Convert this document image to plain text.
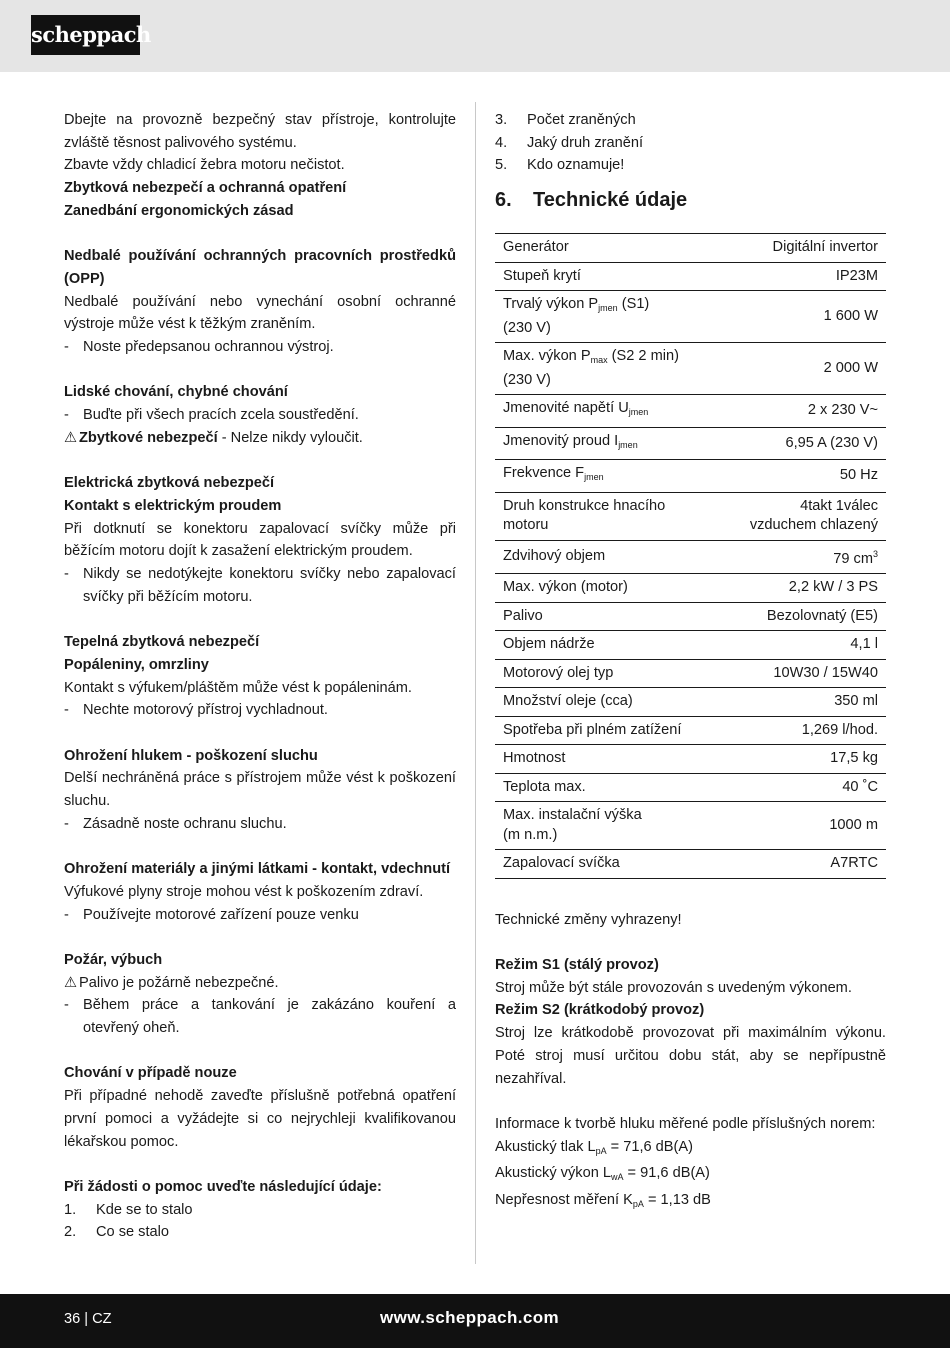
scheppach

Dbejte na provozně bezpečný stav přístroje, kontrolujte zvláště těsnost palivového systému.

Zbavte vždy chladicí žebra motoru nečistot.

Zbytková nebezpečí a ochranná opatření

Zanedbání ergonomických zásad

Nedbalé používání ochranných pracovních prostředků (OPP)

Nedbalé používání nebo vynechání osobní ochranné výstroje může vést k těžkým zraněním.

- Noste předepsanou ochrannou výstroj.

Lidské chování, chybné chování

- Buďte při všech pracích zcela soustředění.

⚠ Zbytkové nebezpečí - Nelze nikdy vyloučit.

Elektrická zbytková nebezpečí

Kontakt s elektrickým proudem

Při dotknutí se konektoru zapalovací svíčky může při běžícím motoru dojít k zasažení elektrickým proudem.

- Nikdy se nedotýkejte konektoru svíčky nebo zapalovací svíčky při běžícím motoru.

Tepelná zbytková nebezpečí

Popáleniny, omrzliny

Kontakt s výfukem/pláštěm může vést k popáleninám.

- Nechte motorový přístroj vychladnout.

Ohrožení hlukem - poškození sluchu

Delší nechráněná práce s přístrojem může vést k poškození sluchu.

- Zásadně noste ochranu sluchu.

Ohrožení materiály a jinými látkami - kontakt, vdechnutí

Výfukové plyny stroje mohou vést k poškozením zdraví.

- Používejte motorové zařízení pouze venku

Požár, výbuch

⚠ Palivo je požárně nebezpečné.

- Během práce a tankování je zakázáno kouření a otevřený oheň.

Chování v případě nouze

Při případné nehodě zaveďte příslušně potřebná opatření první pomoci a vyžádejte si co nejrychleji kvalifikovanou lékařskou pomoc.

Při žádosti o pomoc uveďte následující údaje:

1.	Kde se to stalo
2.	Co se stalo
3.	Počet zraněných
4.	Jaký druh zranění
5.	Kdo oznamuje!
6.	Technické údaje
Generátor	Digitální invertor
Stupeň krytí	IP23M
Trvalý výkon $P_{jmen}$ (S1)
(230 V)	1 600 W
Max. výkon $P_{max}$ (S2 2 min)
(230 V)	2 000 W
Jmenovité napětí $U_{jmen}$	2 x 230 V~
Jmenovitý proud $I_{jmen}$	6,95 A (230 V)
Frekvence $F_{jmen}$	50 Hz
Druh konstrukce hnacího
motoru	4takt 1válec
vzduchem chlazený
Zdvihový objem	79 $cm^3$
Max. výkon (motor)	2,2 kW / 3 PS
Palivo	Bezolovnatý (E5)
Objem nádrže	4,1 l
Motorový olej typ	10W30 / 15W40
Množství oleje (cca)	350 ml
Spotřeba při plném zatížení	1,269 l/hod.
Hmotnost	17,5 kg
Teplota max.	40 ˚C
Max. instalační výška
(m n.m.)	1000 m
Zapalovací svíčka	A7RTC

Technické změny vyhrazeny!

Režim S1 (stálý provoz)

Stroj může být stále provozován s uvedeným výkonem.

Režim S2 (krátkodobý provoz)

Stroj lze krátkodobě provozovat při maximálním výkonu. Poté stroj musí určitou dobu stát, aby se nepřípustně nezahříval.

Informace k tvorbě hluku měřené podle příslušných norem:

Akustický tlak $L_{pA} = 71,6$ dB(A)

Akustický výkon $L_{wA} = 91,6$ dB(A)

Nepřesnost měření $K_{pA} = 1,13$ dB

36 | CZ	www.scheppach.com
